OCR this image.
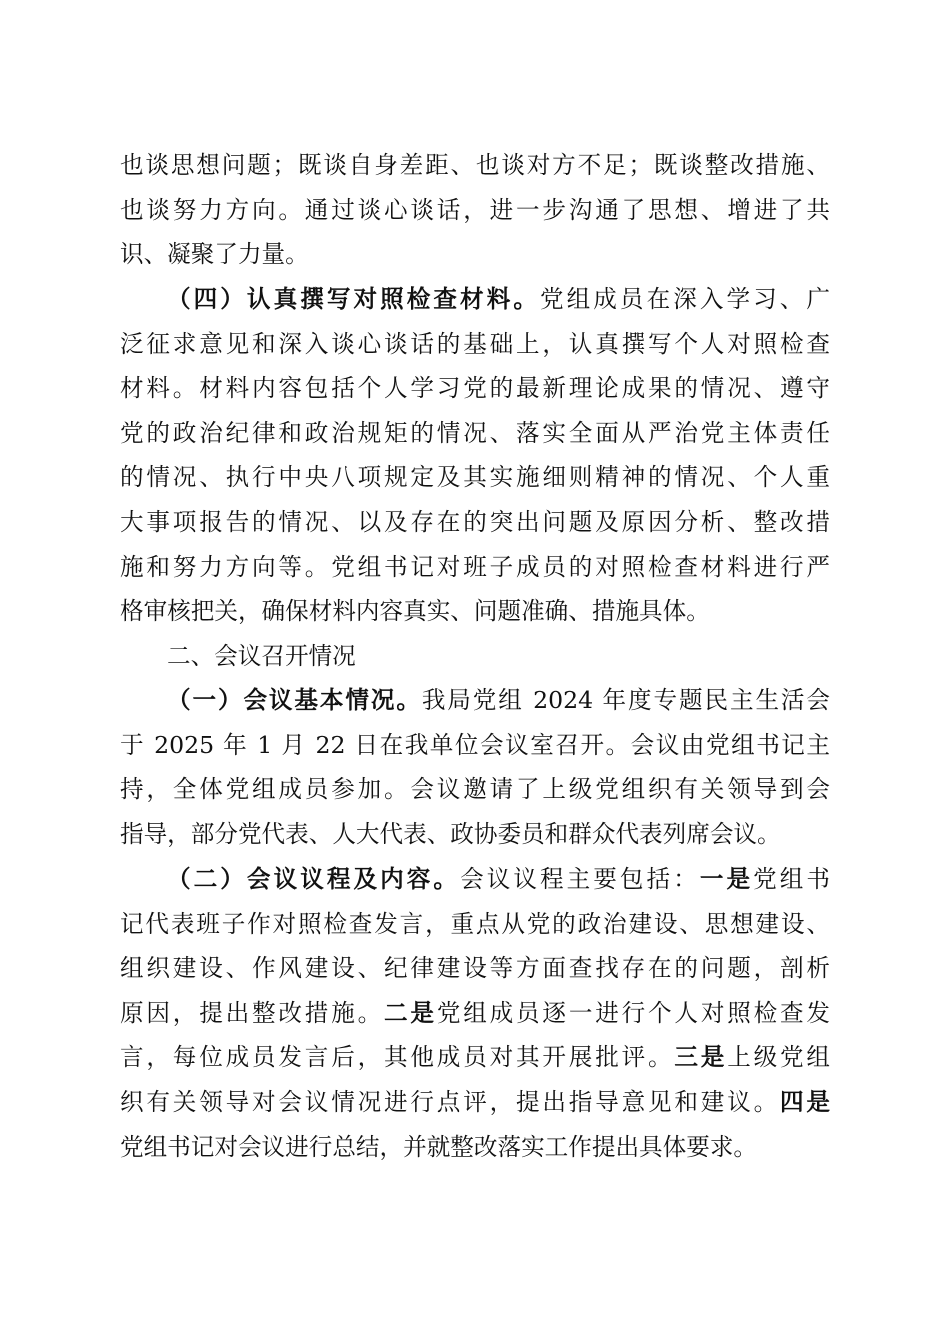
也谈思想问题；既谈自身差距、也谈对方不足；既谈整改措施、
也谈努力方向。通过谈心谈话，进一步沟通了思想、增进了共
识、凝聚了力量。
（四）认真撰写对照检查材料。党组成员在深入学习、广
泛征求意见和深入谈心谈话的基础上，认真撰写个人对照检查
材料。材料内容包括个人学习党的最新理论成果的情况、遵守
党的政治纪律和政治规矩的情况、落实全面从严治党主体责任
的情况、执行中央八项规定及其实施细则精神的情况、个人重
大事项报告的情况、以及存在的突出问题及原因分析、整改措
施和努力方向等。党组书记对班子成员的对照检查材料进行严
格审核把关，确保材料内容真实、问题准确、措施具体。
二、会议召开情况
（一）会议基本情况。我局党组 2024 年度专题民主生活会
于 2025 年 1 月 22 日在我单位会议室召开。会议由党组书记主
持，全体党组成员参加。会议邀请了上级党组织有关领导到会
指导，部分党代表、人大代表、政协委员和群众代表列席会议。
（二）会议议程及内容。会议议程主要包括：一是党组书
记代表班子作对照检查发言，重点从党的政治建设、思想建设、
组织建设、作风建设、纪律建设等方面查找存在的问题，剖析
原因，提出整改措施。二是党组成员逐一进行个人对照检查发
言，每位成员发言后，其他成员对其开展批评。三是上级党组
织有关领导对会议情况进行点评，提出指导意见和建议。四是
党组书记对会议进行总结，并就整改落实工作提出具体要求。
